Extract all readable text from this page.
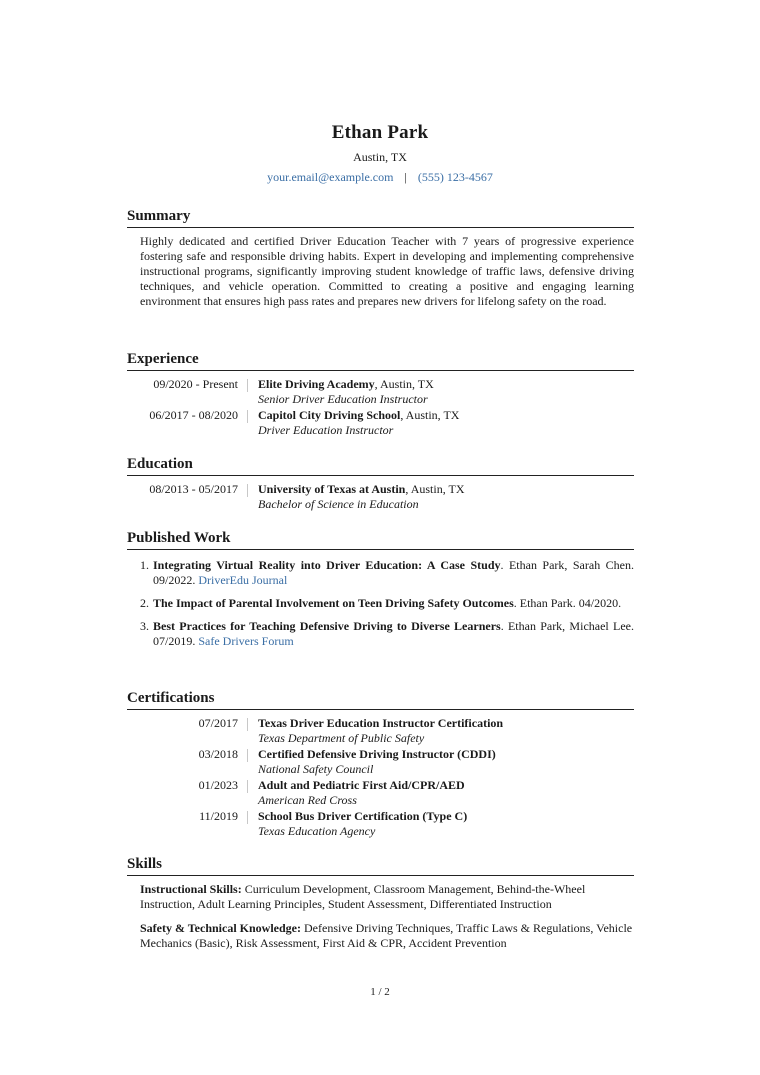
Ethan Park
Austin, TX
your.email@example.com | (555) 123-4567
Summary
Highly dedicated and certified Driver Education Teacher with 7 years of progressive experience fostering safe and responsible driving habits. Expert in developing and implementing comprehensive instructional programs, significantly improving student knowledge of traffic laws, defensive driving techniques, and vehicle operation. Committed to creating a positive and engaging learning environment that ensures high pass rates and prepares new drivers for lifelong safety on the road.
Experience
09/2020 - Present	Elite Driving Academy, Austin, TX
Senior Driver Education Instructor
06/2017 - 08/2020	Capitol City Driving School, Austin, TX
Driver Education Instructor
Education
08/2013 - 05/2017	University of Texas at Austin, Austin, TX
Bachelor of Science in Education
Published Work
1. Integrating Virtual Reality into Driver Education: A Case Study. Ethan Park, Sarah Chen. 09/2022. DriverEdu Journal
2. The Impact of Parental Involvement on Teen Driving Safety Outcomes. Ethan Park. 04/2020.
3. Best Practices for Teaching Defensive Driving to Diverse Learners. Ethan Park, Michael Lee. 07/2019. Safe Drivers Forum
Certifications
07/2017	Texas Driver Education Instructor Certification
Texas Department of Public Safety
03/2018	Certified Defensive Driving Instructor (CDDI)
National Safety Council
01/2023	Adult and Pediatric First Aid/CPR/AED
American Red Cross
11/2019	School Bus Driver Certification (Type C)
Texas Education Agency
Skills
Instructional Skills: Curriculum Development, Classroom Management, Behind-the-Wheel Instruction, Adult Learning Principles, Student Assessment, Differentiated Instruction
Safety & Technical Knowledge: Defensive Driving Techniques, Traffic Laws & Regulations, Vehicle Mechanics (Basic), Risk Assessment, First Aid & CPR, Accident Prevention
1 / 2
